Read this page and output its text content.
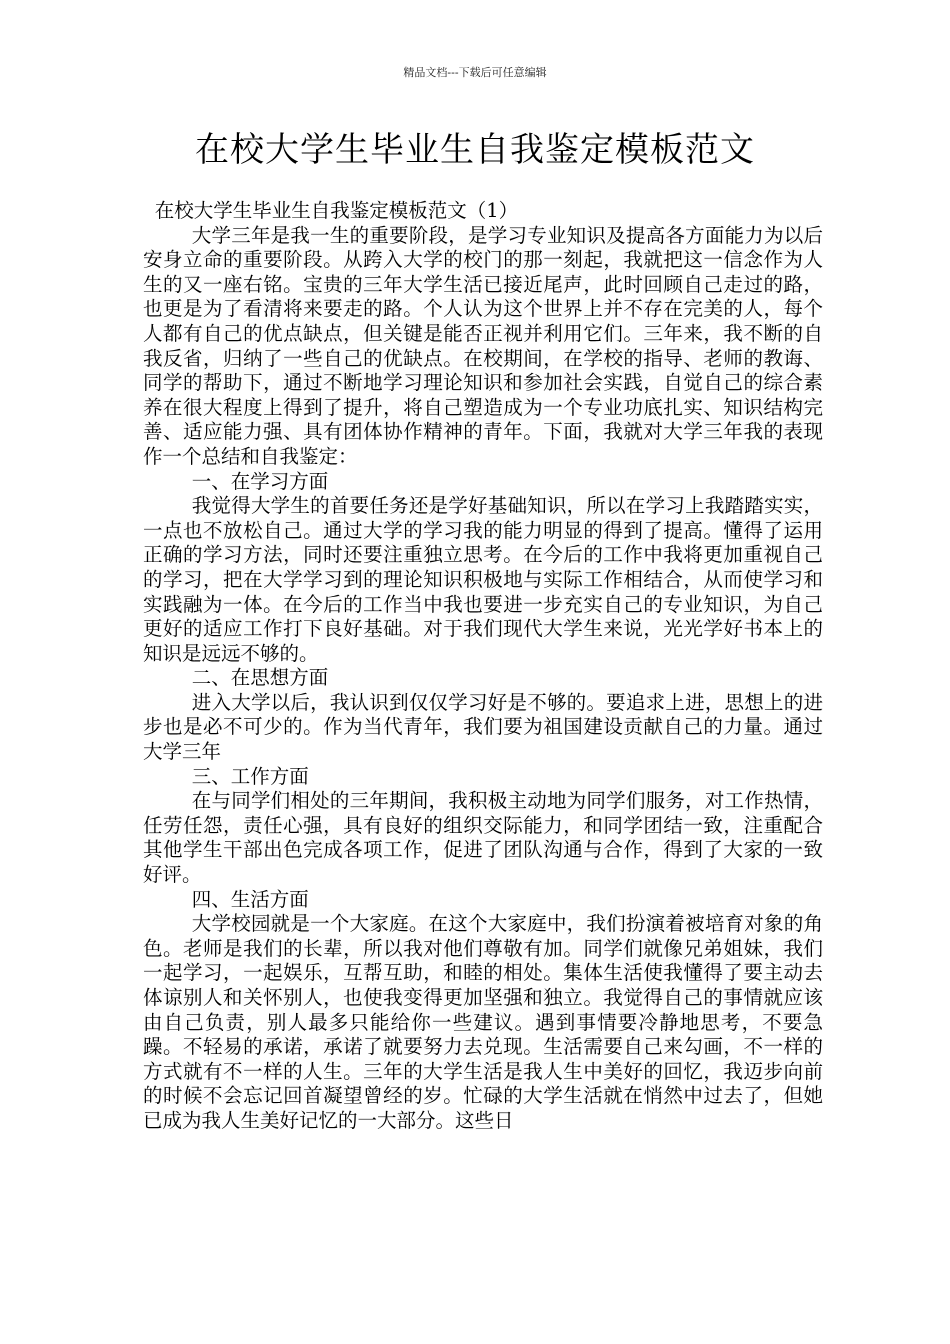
精品文档---下载后可任意编辑
在校大学生毕业生自我鉴定模板范文

在校大学生毕业生自我鉴定模板范文（1）

大学三年是我一生的重要阶段，是学习专业知识及提高各方面能力为以后安身立命的重要阶段。从跨入大学的校门的那一刻起，我就把这一信念作为人生的又一座右铭。宝贵的三年大学生活已接近尾声，此时回顾自己走过的路，也更是为了看清将来要走的路。个人认为这个世界上并不存在完美的人，每个人都有自己的优点缺点，但关键是能否正视并利用它们。三年来，我不断的自我反省，归纳了一些自己的优缺点。在校期间，在学校的指导、老师的教诲、同学的帮助下，通过不断地学习理论知识和参加社会实践，自觉自己的综合素养在很大程度上得到了提升，将自己塑造成为一个专业功底扎实、知识结构完善、适应能力强、具有团体协作精神的青年。下面，我就对大学三年我的表现作一个总结和自我鉴定：

一、在学习方面

我觉得大学生的首要任务还是学好基础知识，所以在学习上我踏踏实实，一点也不放松自己。通过大学的学习我的能力明显的得到了提高。懂得了运用正确的学习方法，同时还要注重独立思考。在今后的工作中我将更加重视自己的学习，把在大学学习到的理论知识积极地与实际工作相结合，从而使学习和实践融为一体。在今后的工作当中我也要进一步充实自己的专业知识，为自己更好的适应工作打下良好基础。对于我们现代大学生来说，光光学好书本上的知识是远远不够的。

二、在思想方面

进入大学以后，我认识到仅仅学习好是不够的。要追求上进，思想上的进步也是必不可少的。作为当代青年，我们要为祖国建设贡献自己的力量。通过大学三年

三、工作方面

在与同学们相处的三年期间，我积极主动地为同学们服务，对工作热情，任劳任怨，责任心强，具有良好的组织交际能力，和同学团结一致，注重配合其他学生干部出色完成各项工作，促进了团队沟通与合作，得到了大家的一致好评。

四、生活方面

大学校园就是一个大家庭。在这个大家庭中，我们扮演着被培育对象的角色。老师是我们的长辈，所以我对他们尊敬有加。同学们就像兄弟姐妹，我们一起学习，一起娱乐，互帮互助，和睦的相处。集体生活使我懂得了要主动去体谅别人和关怀别人，也使我变得更加坚强和独立。我觉得自己的事情就应该由自己负责，别人最多只能给你一些建议。遇到事情要冷静地思考，不要急躁。不轻易的承诺，承诺了就要努力去兑现。生活需要自己来勾画，不一样的方式就有不一样的人生。三年的大学生活是我人生中美好的回忆，我迈步向前的时候不会忘记回首凝望曾经的岁。忙碌的大学生活就在悄然中过去了，但她已成为我人生美好记忆的一大部分。这些日
